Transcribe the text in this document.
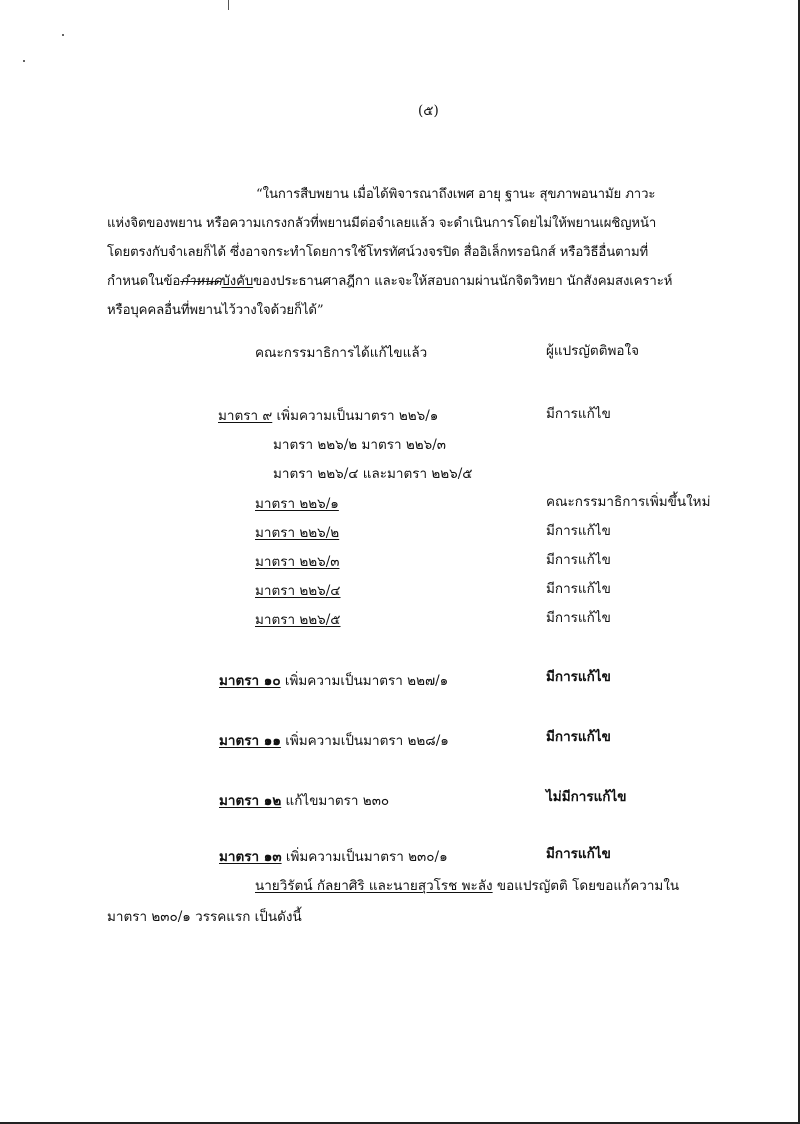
(๕)
“ในการสืบพยาน เมื่อได้พิจารณาถึงเพศ อายุ ฐานะ สุขภาพอนามัย ภาวะ
แห่งจิตของพยาน หรือความเกรงกลัวที่พยานมีต่อจำเลยแล้ว จะดำเนินการโดยไม่ให้พยานเผชิญหน้า
โดยตรงกับจำเลยก็ได้ ซึ่งอาจกระทำโดยการใช้โทรทัศน์วงจรปิด สื่ออิเล็กทรอนิกส์ หรือวิธีอื่นตามที่
กำหนดในข้อกำหนดบังคับของประธานศาลฎีกา และจะให้สอบถามผ่านนักจิตวิทยา นักสังคมสงเคราะห์
หรือบุคคลอื่นที่พยานไว้วางใจด้วยก็ได้”
คณะกรรมาธิการได้แก้ไขแล้ว	ผู้แปรญัตติพอใจ
มาตรา ๙ เพิ่มความเป็นมาตรา ๒๒๖/๑	มีการแก้ไข
มาตรา ๒๒๖/๒ มาตรา ๒๒๖/๓
มาตรา ๒๒๖/๔ และมาตรา ๒๒๖/๕
มาตรา ๒๒๖/๑	คณะกรรมาธิการเพิ่มขึ้นใหม่
มาตรา ๒๒๖/๒	มีการแก้ไข
มาตรา ๒๒๖/๓	มีการแก้ไข
มาตรา ๒๒๖/๔	มีการแก้ไข
มาตรา ๒๒๖/๕	มีการแก้ไข
มาตรา ๑๐ เพิ่มความเป็นมาตรา ๒๒๗/๑	มีการแก้ไข
มาตรา ๑๑ เพิ่มความเป็นมาตรา ๒๒๘/๑	มีการแก้ไข
มาตรา ๑๒ แก้ไขมาตรา ๒๓๐	ไม่มีการแก้ไข
มาตรา ๑๓ เพิ่มความเป็นมาตรา ๒๓๐/๑	มีการแก้ไข
นายวิรัตน์ กัลยาศิริ และนายสุวโรช พะลัง ขอแปรญัตติ โดยขอแก้ความใน
มาตรา ๒๓๐/๑ วรรคแรก เป็นดังนี้
